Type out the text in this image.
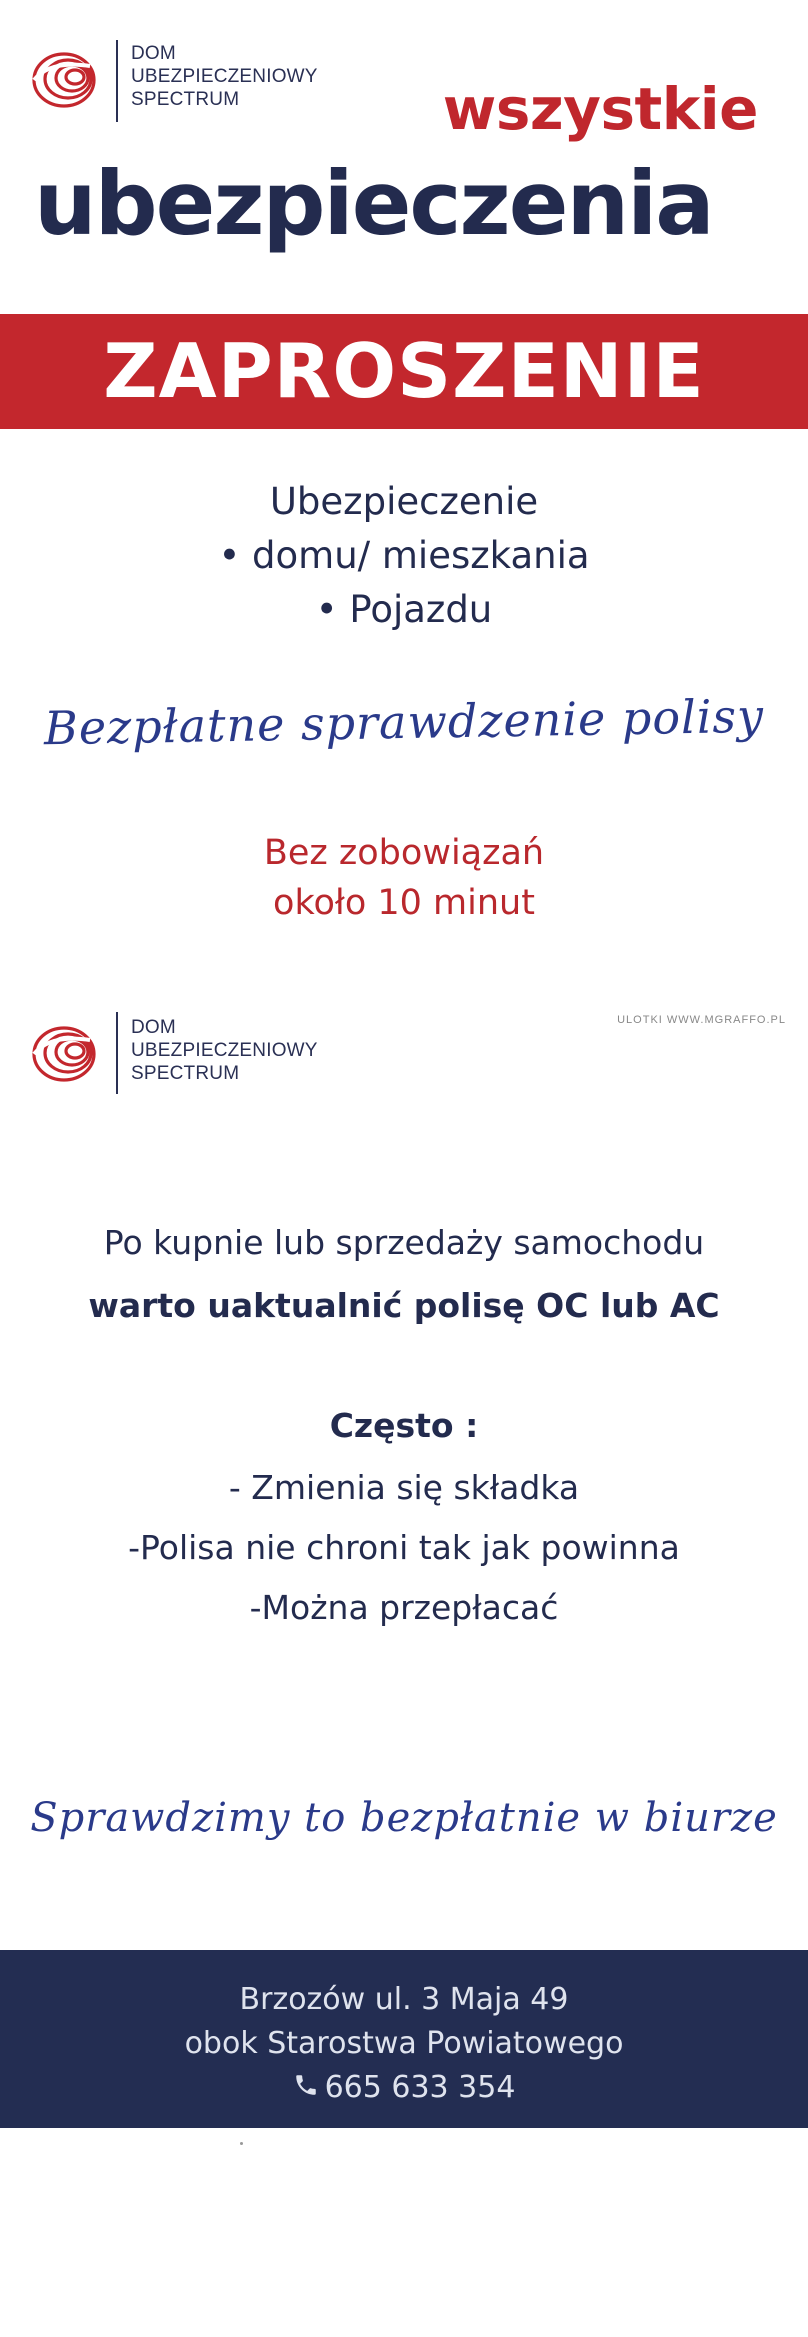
DOM
UBEZPIECZENIOWY
SPECTRUM	wszystkie
ubezpieczenia
ZAPROSZENIE
Ubezpieczenie
• domu/ mieszkania
• Pojazdu
Bezpłatne sprawdzenie polisy
Bez zobowiązań
około 10 minut
ULOTKI WWW.MGRAFFO.PL
DOM
UBEZPIECZENIOWY
SPECTRUM
Po kupnie lub sprzedaży samochodu
warto uaktualnić polisę OC lub AC
Często :
- Zmienia się składka
-Polisa nie chroni tak jak powinna
-Można przepłacać
Sprawdzimy to bezpłatnie w biurze
Brzozów ul. 3 Maja 49
obok Starostwa Powiatowego
665 633 354
